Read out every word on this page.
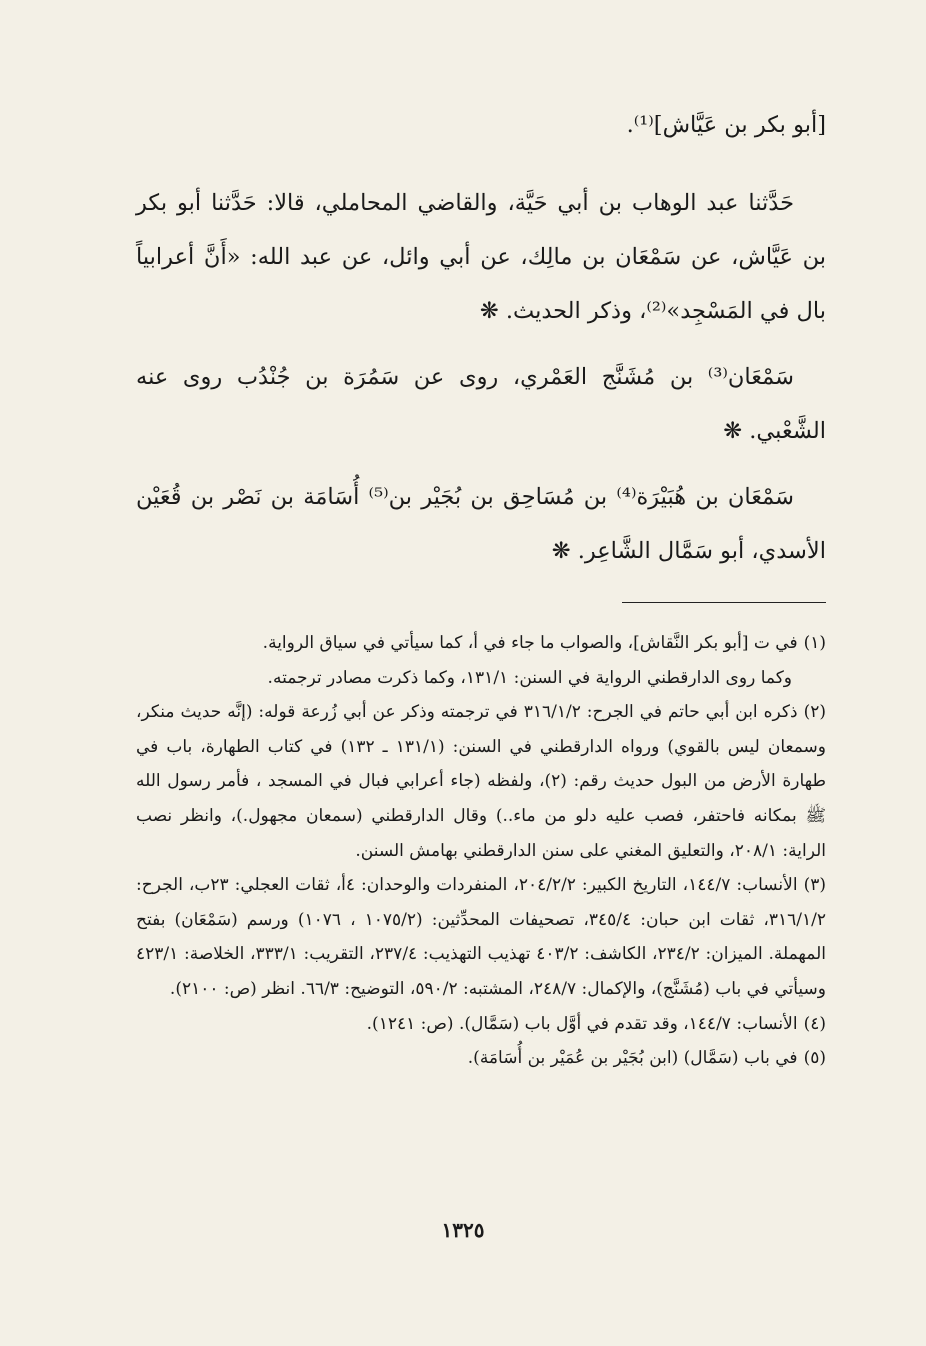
[أبو بكر بن عَيَّاش]⁽¹⁾.

حَدَّثنا عبد الوهاب بن أبي حَيَّة، والقاضي المحاملي، قالا: حَدَّثنا أبو بكر بن عَيَّاش، عن سَمْعَان بن مالِك، عن أبي وائل، عن عبد الله: «أَنَّ أعرابياً بال في المَسْجِد»⁽²⁾، وذكر الحديث. ❋

سَمْعَان⁽³⁾ بن مُشَنَّج العَمْري، روى عن سَمُرَة بن جُنْدُب روى عنه الشَّعْبي. ❋

سَمْعَان بن هُبَيْرَة⁽⁴⁾ بن مُسَاحِق بن بُجَيْر بن⁽⁵⁾ أُسَامَة بن نَصْر بن قُعَيْن الأسدي، أبو سَمَّال الشَّاعِر. ❋

(١)في ت [أبو بكر النَّقاش]، والصواب ما جاء في أ، كما سيأتي في سياق الرواية.

وكما روى الدارقطني الرواية في السنن: ١٣١/١، وكما ذكرت مصادر ترجمته.

(٢)ذكره ابن أبي حاتم في الجرح: ٣١٦/١/٢ في ترجمته وذكر عن أبي زُرعة قوله: (إنَّه حديث منكر، وسمعان ليس بالقوي) ورواه الدارقطني في السنن: (١٣١/١ ـ ١٣٢) في كتاب الطهارة، باب في طهارة الأرض من البول حديث رقم: (٢)، ولفظه (جاء أعرابي فبال في المسجد ، فأمر رسول الله ﷺ بمكانه فاحتفر، فصب عليه دلو من ماء..) وقال الدارقطني (سمعان مجهول.)، وانظر نصب الراية: ٢٠٨/١، والتعليق المغني على سنن الدارقطني بهامش السنن.

(٣)الأنساب: ١٤٤/٧، التاريخ الكبير: ٢٠٤/٢/٢، المنفردات والوحدان: ٤أ، ثقات العجلي: ٢٣ب، الجرح: ٣١٦/١/٢، ثقات ابن حبان: ٣٤٥/٤، تصحيفات المحدِّثين: (١٠٧٥/٢ ، ١٠٧٦) ورسم (سَمْعَان) بفتح المهملة. الميزان: ٢٣٤/٢، الكاشف: ٤٠٣/٢ تهذيب التهذيب: ٢٣٧/٤، التقريب: ٣٣٣/١، الخلاصة: ٤٢٣/١ وسيأتي في باب (مُشَنَّج)، والإكمال: ٢٤٨/٧، المشتبه: ٥٩٠/٢، التوضيح: ٦٦/٣. انظر (ص: ٢١٠٠).

(٤)الأنساب: ١٤٤/٧، وقد تقدم في أوَّل باب (سَمَّال). (ص: ١٢٤١).

(٥)في باب (سَمَّال) (ابن بُجَيْر بن عُمَيْر بن أُسَامَة).

١٣٢٥
